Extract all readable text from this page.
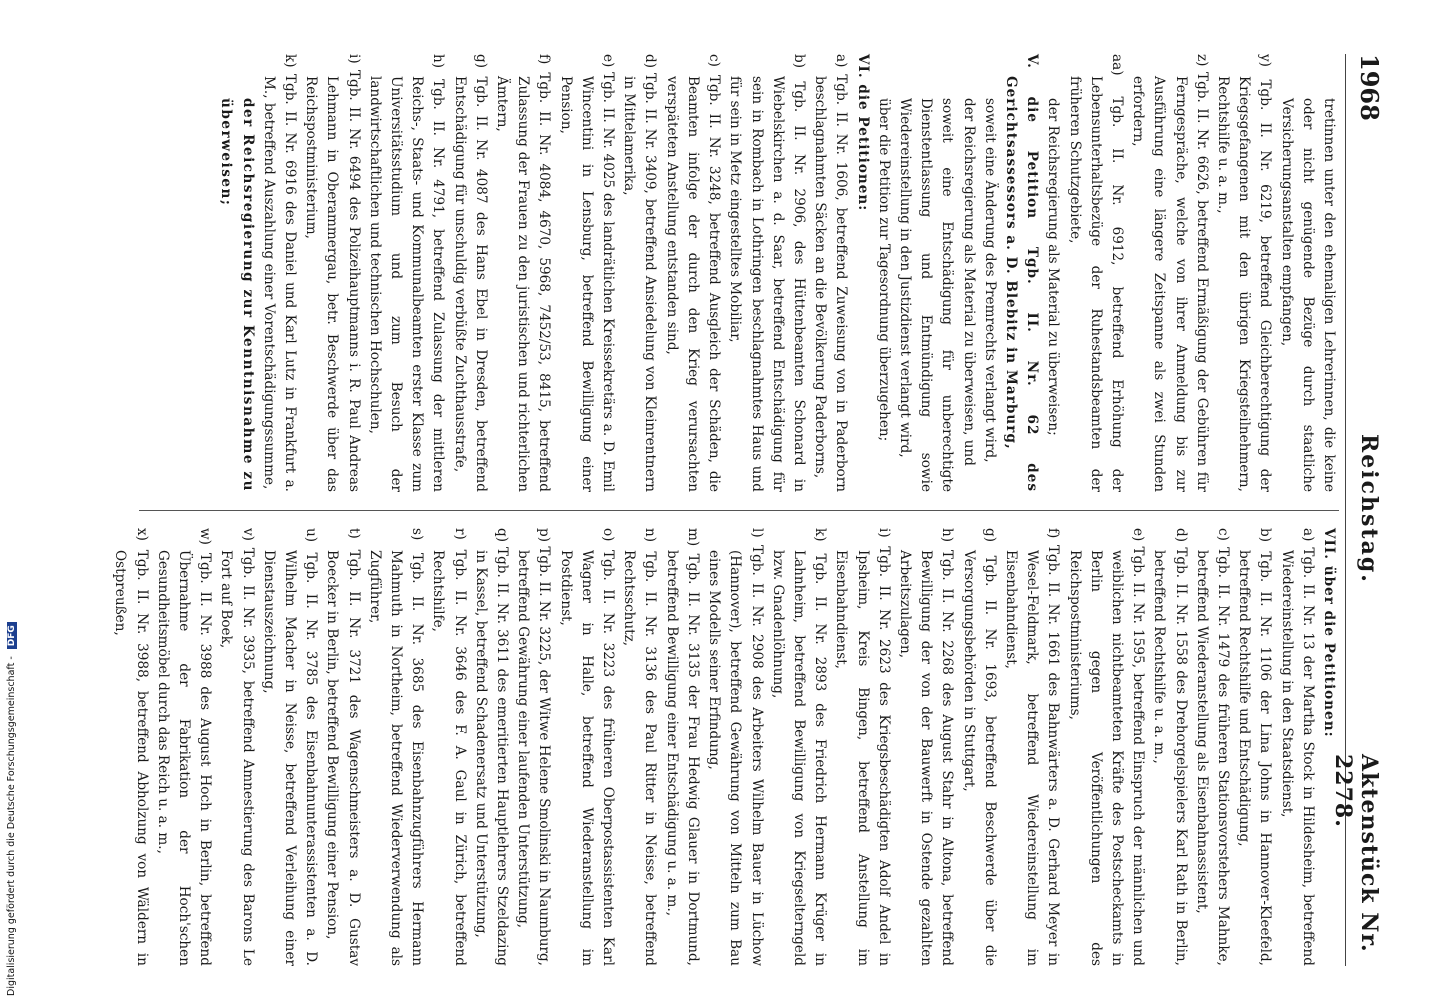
1968
Reichstag.
Aktenstück Nr. 2278.

tretinnen unter den ehemaligen Lehrerinnen, die keine oder nicht genügende Bezüge durch staatliche Versicherungsanstalten empfangen,

y) Tgb. II. Nr. 6219, betreffend Gleichberechtigung der Kriegsgefangenen mit den übrigen Kriegsteilnehmern, Rechtshilfe u. a. m.,

z) Tgb. II. Nr. 6626, betreffend Ermäßigung der Gebühren für Ferngespräche, welche von ihrer Anmeldung bis zur Ausführung eine längere Zeitspanne als zwei Stunden erfordern,

aa) Tgb. II. Nr. 6912, betreffend Erhöhung der Lebensunterhaltsbezüge der Ruhestandsbeamten der früheren Schutzgebiete,

der Reichsregierung als Material zu überweisen;

V. die Petition Tgb. II. Nr. 62 des Gerichtsassessors a. D. Blebitz in Marburg,

soweit eine Änderung des Premrechts verlangt wird,

der Reichsregierung als Material zu überweisen, und

soweit eine Entschädigung für unberechtigte Dienstentlassung und Entmündigung sowie Wiedereinstellung in den Justizdienst verlangt wird,

über die Petition zur Tagesordnung überzugehen;

VI. die Petitionen:

a) Tgb. II. Nr. 1606, betreffend Zuweisung von in Paderborn beschlagnahmten Säcken an die Bevölkerung Paderborns,

b) Tgb. II. Nr. 2906, des Hüttenbeamten Schonard in Wiebelskirchen a. d. Saar, betreffend Entschädigung für sein in Rombach in Lothringen beschlagnahmtes Haus und für sein in Metz eingestelltes Mobiliar,

c) Tgb. II. Nr. 3248, betreffend Ausgleich der Schäden, die Beamten infolge der durch den Krieg verursachten verspäteten Anstellung entstanden sind,

d) Tgb. II. Nr. 3409, betreffend Ansiedelung von Kleinrentnern in Mittelamerika,

e) Tgb. II. Nr. 4025 des landrätlichen Kreissekretärs a. D. Emil Wincentini in Lensburg, betreffend Bewilligung einer Pension,

f) Tgb. II. Nr. 4084, 4670, 5968, 7452/53, 8415, betreffend Zulassung der Frauen zu den juristischen und richterlichen Ämtern,

g) Tgb. II. Nr. 4087 des Hans Ebel in Dresden, betreffend Entschädigung für unschuldig verbüßte Zuchthausstrafe,

h) Tgb. II. Nr. 4791, betreffend Zulassung der mittleren Reichs-, Staats- und Kommunalbeamten erster Klasse zum Universitätsstudium und zum Besuch der landwirtschaftlichen und technischen Hochschulen,

i) Tgb. II. Nr. 6494 des Polizeihauptmanns i. R. Paul Andreas Lehmann in Oberammergau, betr. Beschwerde über das Reichspostministerium,

k) Tgb. II. Nr. 6916 des Daniel und Karl Lutz in Frankfurt a. M., betreffend Auszahlung einer Vorentschädigungssumme,

der Reichsregierung zur Kenntnisnahme zu überweisen;

VII. über die Petitionen:

a) Tgb. II. Nr. 13 der Martha Stock in Hildesheim, betreffend Wiedereinstellung in den Staatsdienst,

b) Tgb. II. Nr. 1106 der Lina Johns in Hannover-Kleefeld, betreffend Rechtshilfe und Entschädigung,

c) Tgb. II. Nr. 1479 des früheren Stationsvorstehers Mahnke, betreffend Wiederanstellung als Eisenbahnassistent,

d) Tgb. II. Nr. 1558 des Drehorgelspielers Karl Rath in Berlin, betreffend Rechtshilfe u. a. m.,

e) Tgb. II. Nr. 1595, betreffend Einspruch der männlichen und weiblichen nichtbeamteten Kräfte des Postscheckamts in Berlin gegen Veröffentlichungen des Reichspostministeriums,

f) Tgb. II. Nr. 1661 des Bahnwärters a. D. Gerhard Meyer in Wesel-Feldmark, betreffend Wiedereinstellung im Eisenbahndienst,

g) Tgb. II. Nr. 1693, betreffend Beschwerde über die Versorgungsbehörden in Stuttgart,

h) Tgb. II. Nr. 2268 des August Stahr in Altona, betreffend Bewilligung der von der Bauwerft in Ostende gezahlten Arbeitszulagen,

i) Tgb. II. Nr. 2623 des Kriegsbeschädigten Adolf Andel in Ipsheim, Kreis Bingen, betreffend Anstellung im Eisenbahndienst,

k) Tgb. II. Nr. 2893 des Friedrich Hermann Krüger in Lahnheim, betreffend Bewilligung von Kriegselterngeld bzw. Gnadenlöhnung,

l) Tgb. II. Nr. 2908 des Arbeiters Wilhelm Bauer in Lüchow (Hannover), betreffend Gewährung von Mitteln zum Bau eines Modells seiner Erfindung,

m) Tgb. II. Nr. 3135 der Frau Hedwig Glauer in Dortmund, betreffend Bewilligung einer Entschädigung u. a. m.,

n) Tgb. II. Nr. 3136 des Paul Ritter in Neisse, betreffend Rechtsschutz,

o) Tgb. II. Nr. 3223 des früheren Oberpostassistenten Karl Wagner in Halle, betreffend Wiederanstellung im Postdienst,

p) Tgb. II. Nr. 3225, der Witwe Helene Smolinski in Naumburg, betreffend Gewährung einer laufenden Unterstützung,

q) Tgb. II. Nr. 3611 des emeritierten Hauptlehrers Stzeldazing in Kassel, betreffend Schadenersatz und Unterstützung,

r) Tgb. II. Nr. 3646 des F. A. Gaul in Zürich, betreffend Rechtshilfe,

s) Tgb. II. Nr. 3685 des Eisenbahnzugführers Hermann Mahmuth in Northeim, betreffend Wiederverwendung als Zugführer,

t) Tgb. II. Nr. 3721 des Wagenschmeisters a. D. Gustav Boecker in Berlin, betreffend Bewilligung einer Pension,

u) Tgb. II. Nr. 3785 des Eisenbahnunterassistenten a. D. Wilhelm Macher in Neisse, betreffend Verleihung einer Dienstauszeichnung,

v) Tgb. II. Nr. 3935, betreffend Amnestierung des Barons Le Fort auf Boek,

w) Tgb. II. Nr. 3988 des August Hoch in Berlin, betreffend Übernahme der Fabrikation der Hoch'schen Gesundheitsmöbel durch das Reich u. a. m.,

x) Tgb. II. Nr. 3988, betreffend Abholzung von Wäldern in Ostpreußen,

Digitalisierung gefördert durch die Deutsche Forschungsgemeinschaft - DFG
